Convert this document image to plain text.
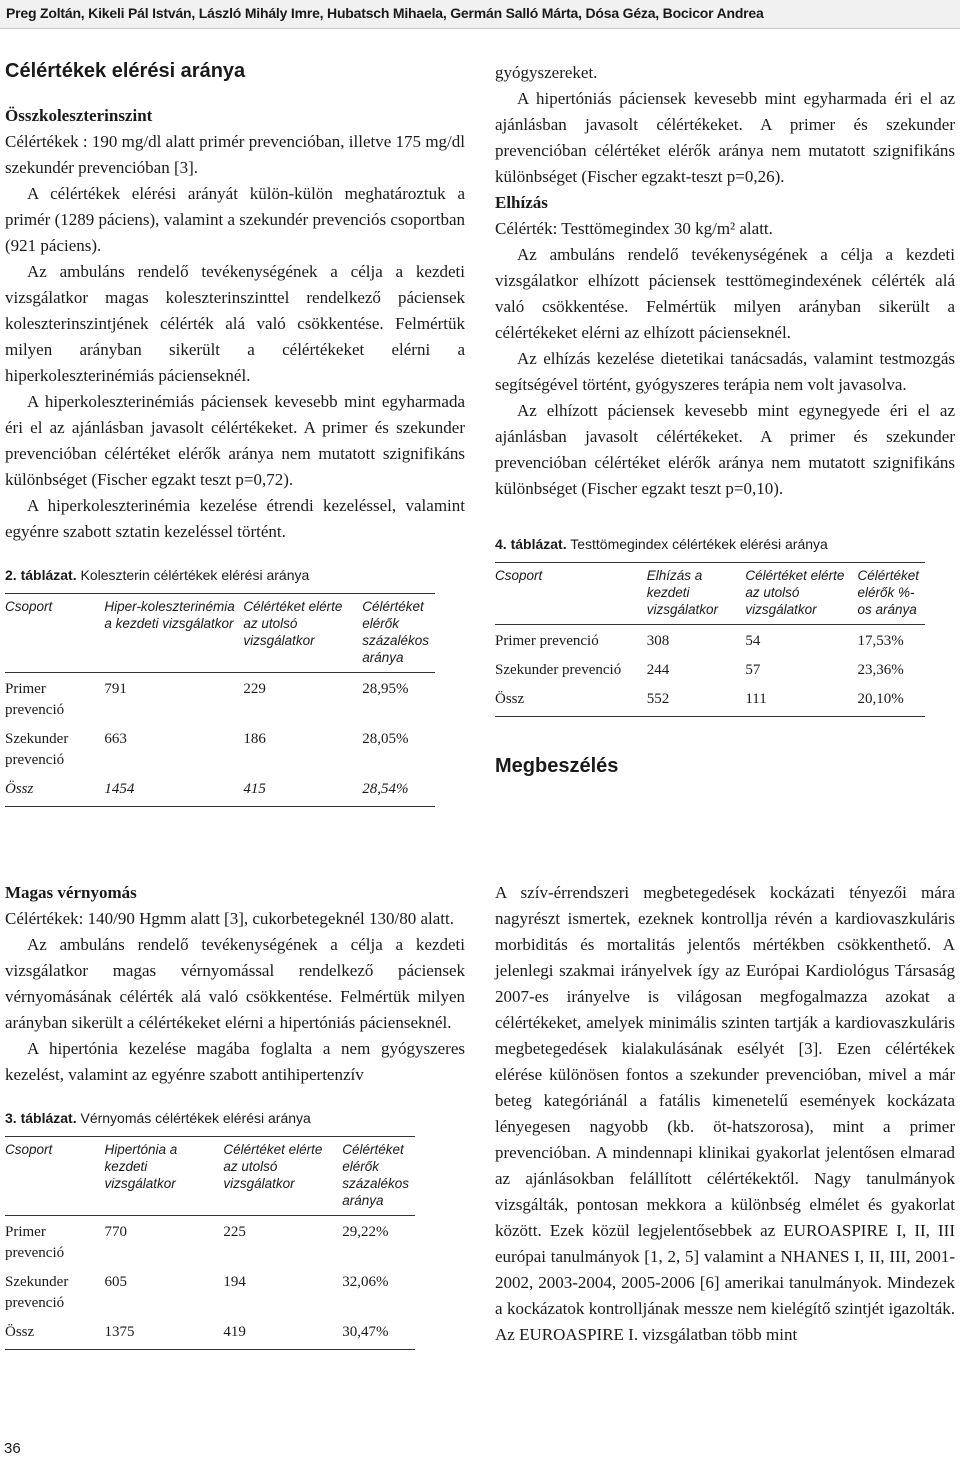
Preg Zoltán, Kikeli Pál István, László Mihály Imre, Hubatsch Mihaela, Germán Salló Márta, Dósa Géza, Bocicor Andrea
Célértékek elérési aránya
Összkoleszterinszint

Célértékek : 190 mg/dl alatt primér prevencióban, illetve 175 mg/dl szekundér prevencióban [3].

A célértékek elérési arányát külön-külön meghatároztuk a primér (1289 páciens), valamint a szekundér prevenciós csoportban (921 páciens).

Az ambuláns rendelő tevékenységének a célja a kezdeti vizsgálatkor magas koleszterinszinttel rendelkező páciensek koleszterinszintjének célérték alá való csökkentése. Felmértük milyen arányban sikerült a célértékeket elérni a hiperkoleszterinémiás pácienseknél.

A hiperkoleszterinémiás páciensek kevesebb mint egyharmada éri el az ajánlásban javasolt célértékeket. A primer és szekunder prevencióban célértéket elérők aránya nem mutatott szignifikáns különbséget (Fischer egzakt teszt p=0,72).

A hiperkoleszterinémia kezelése étrendi kezeléssel, valamint egyénre szabott sztatin kezeléssel történt.

2. táblázat. Koleszterin célértékek elérési aránya
Csoport	Hiper-koleszterinémia a kezdeti vizsgálatkor	Célértéket elérte az utolsó vizsgálatkor	Célértéket elérők százalékos aránya
Primer prevenció	791	229	28,95%
Szekunder prevenció	663	186	28,05%
Össz	1454	415	28,54%

gyógyszereket.

A hipertóniás páciensek kevesebb mint egyharmada éri el az ajánlásban javasolt célértékeket. A primer és szekunder prevencióban célértéket elérők aránya nem mutatott szignifikáns különbséget (Fischer egzakt-teszt p=0,26).

Elhízás

Célérték: Testtömegindex 30 kg/m² alatt.

Az ambuláns rendelő tevékenységének a célja a kezdeti vizsgálatkor elhízott páciensek testtömegindexének célérték alá való csökkentése. Felmértük milyen arányban sikerült a célértékeket elérni az elhízott pácienseknél.

Az elhízás kezelése dietetikai tanácsadás, valamint testmozgás segítségével történt, gyógyszeres terápia nem volt javasolva.

Az elhízott páciensek kevesebb mint egynegyede éri el az ajánlásban javasolt célértékeket. A primer és szekunder prevencióban célértéket elérők aránya nem mutatott szignifikáns különbséget (Fischer egzakt teszt p=0,10).

4. táblázat. Testtömegindex célértékek elérési aránya
Csoport	Elhízás a kezdeti vizsgálatkor	Célértéket elérte az utolsó vizsgálatkor	Célértéket elérők %-os aránya
Primer prevenció	308	54	17,53%
Szekunder prevenció	244	57	23,36%
Össz	552	111	20,10%
Megbeszélés
Magas vérnyomás

Célértékek: 140/90 Hgmm alatt [3], cukorbetegeknél 130/80 alatt.

Az ambuláns rendelő tevékenységének a célja a kezdeti vizsgálatkor magas vérnyomással rendelkező páciensek vérnyomásának célérték alá való csökkentése. Felmértük milyen arányban sikerült a célértékeket elérni a hipertóniás pácienseknél.

A hipertónia kezelése magába foglalta a nem gyógyszeres kezelést, valamint az egyénre szabott antihipertenzív

3. táblázat. Vérnyomás célértékek elérési aránya
Csoport	Hipertónia a kezdeti vizsgálatkor	Célértéket elérte az utolsó vizsgálatkor	Célértéket elérők százalékos aránya
Primer prevenció	770	225	29,22%
Szekunder prevenció	605	194	32,06%
Össz	1375	419	30,47%

A szív-érrendszeri megbetegedések kockázati tényezői mára nagyrészt ismertek, ezeknek kontrollja révén a kardiovaszkuláris morbiditás és mortalitás jelentős mértékben csökkenthető. A jelenlegi szakmai irányelvek így az Európai Kardiológus Társaság 2007-es irányelve is világosan megfogalmazza azokat a célértékeket, amelyek minimális szinten tartják a kardiovaszkuláris megbetegedések kialakulásának esélyét [3]. Ezen célértékek elérése különösen fontos a szekunder prevencióban, mivel a már beteg kategóriánál a fatális kimenetelű események kockázata lényegesen nagyobb (kb. öt-hatszorosa), mint a primer prevencióban. A mindennapi klinikai gyakorlat jelentősen elmarad az ajánlásokban felállított célértékektől. Nagy tanulmányok vizsgálták, pontosan mekkora a különbség elmélet és gyakorlat között. Ezek közül legjelentősebbek az EUROASPIRE I, II, III európai tanulmányok [1, 2, 5] valamint a NHANES I, II, III, 2001-2002, 2003-2004, 2005-2006 [6] amerikai tanulmányok. Mindezek a kockázatok kontrolljának messze nem kielégítő szintjét igazolták. Az EUROASPIRE I. vizsgálatban több mint

36
